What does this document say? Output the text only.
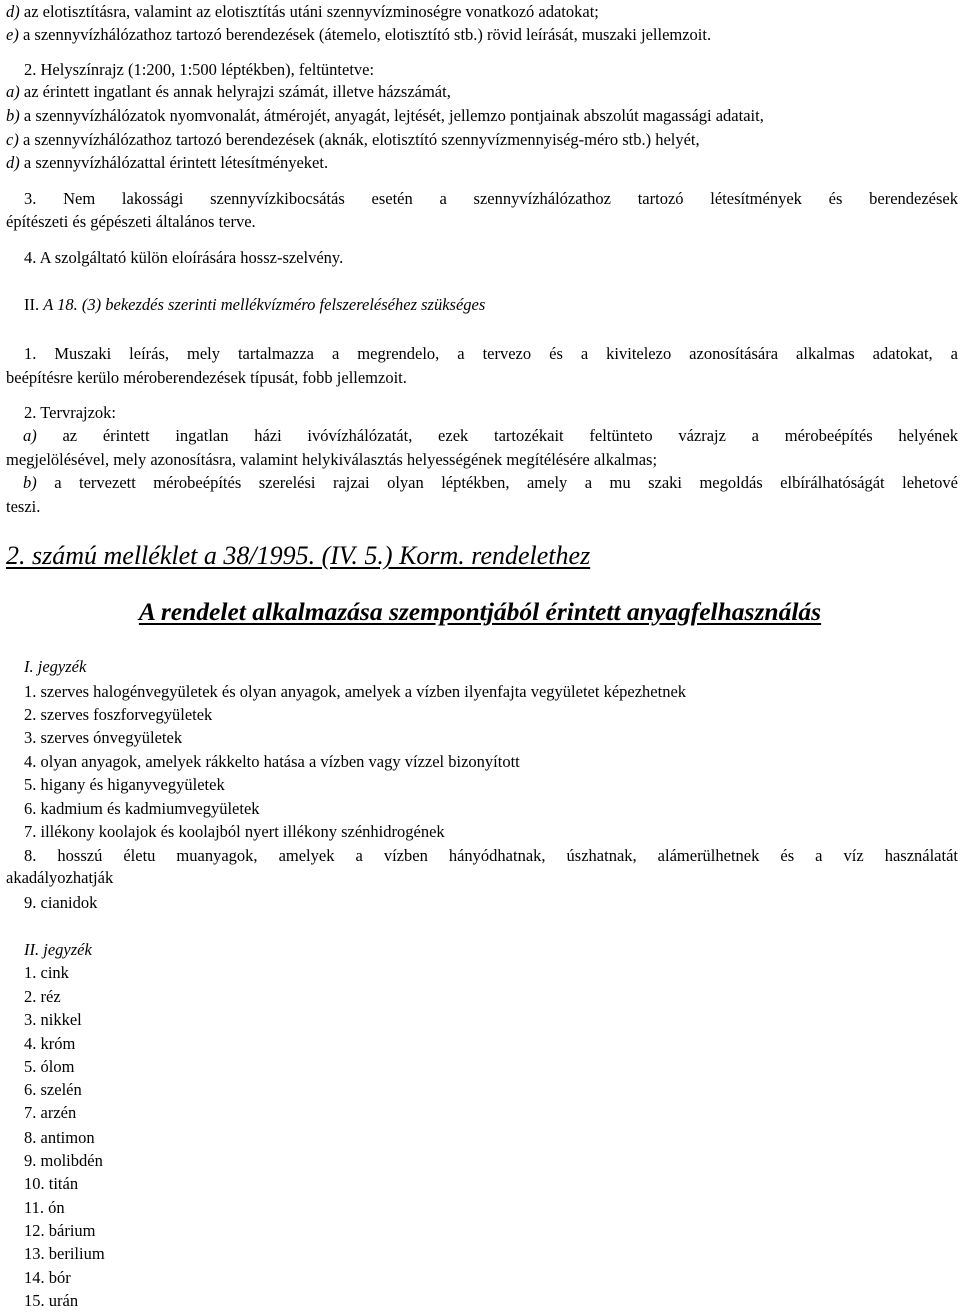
d) az elotisztításra, valamint az elotisztítás utáni szennyvízminoségre vonatkozó adatokat;
e) a szennyvízhálózathoz tartozó berendezések (átemelo, elotisztító stb.) rövid leírását, muszaki jellemzoit.
2. Helyszínrajz (1:200, 1:500 léptékben), feltüntetve:
a) az érintett ingatlant és annak helyrajzi számát, illetve házszámát,
b) a szennyvízhálózatok nyomvonalát, átmérojét, anyagát, lejtését, jellemzo pontjainak abszolút magassági adatait,
c) a szennyvízhálózathoz tartozó berendezések (aknák, elotisztító szennyvízmennyiség-méro stb.) helyét,
d) a szennyvízhálózattal érintett létesítményeket.
3. Nem lakossági szennyvízkibocsátás esetén a szennyvízhálózathoz tartozó létesítmények és berendezések
építészeti és gépészeti általános terve.
4. A szolgáltató külön eloírására hossz-szelvény.
II. A 18. (3) bekezdés szerinti mellékvízméro felszereléséhez szükséges
1. Muszaki leírás, mely tartalmazza a megrendelo, a tervezo és a kivitelezo azonosítására alkalmas adatokat, a
beépítésre kerülo méroberendezések típusát, fobb jellemzoit.
2. Tervrajzok:
a) az érintett ingatlan házi ivóvízhálózatát, ezek tartozékait feltünteto vázrajz a mérobeépítés helyének
megjelölésével, mely azonosításra, valamint helykiválasztás helyességének megítélésére alkalmas;
b) a tervezett mérobeépítés szerelési rajzai olyan léptékben, amely a mu szaki megoldás elbírálhatóságát lehetové
teszi.
2. számú melléklet a 38/1995. (IV. 5.) Korm. rendelethez
A rendelet alkalmazása szempontjából érintett anyagfelhasználás
I. jegyzék
1. szerves halogénvegyületek és olyan anyagok, amelyek a vízben ilyenfajta vegyületet képezhetnek
2. szerves foszforvegyületek
3. szerves ónvegyületek
4. olyan anyagok, amelyek rákkelto hatása a vízben vagy vízzel bizonyított
5. higany és higanyvegyületek
6. kadmium és kadmiumvegyületek
7. illékony koolajok és koolajból nyert illékony szénhidrogének
8. hosszú életu muanyagok, amelyek a vízben hányódhatnak, úszhatnak, alámerülhetnek és a víz használatát
akadályozhatják
9. cianidok
II. jegyzék
1. cink
2. réz
3. nikkel
4. króm
5. ólom
6. szelén
7. arzén
8. antimon
9. molibdén
10. titán
11. ón
12. bárium
13. berilium
14. bór
15. urán
